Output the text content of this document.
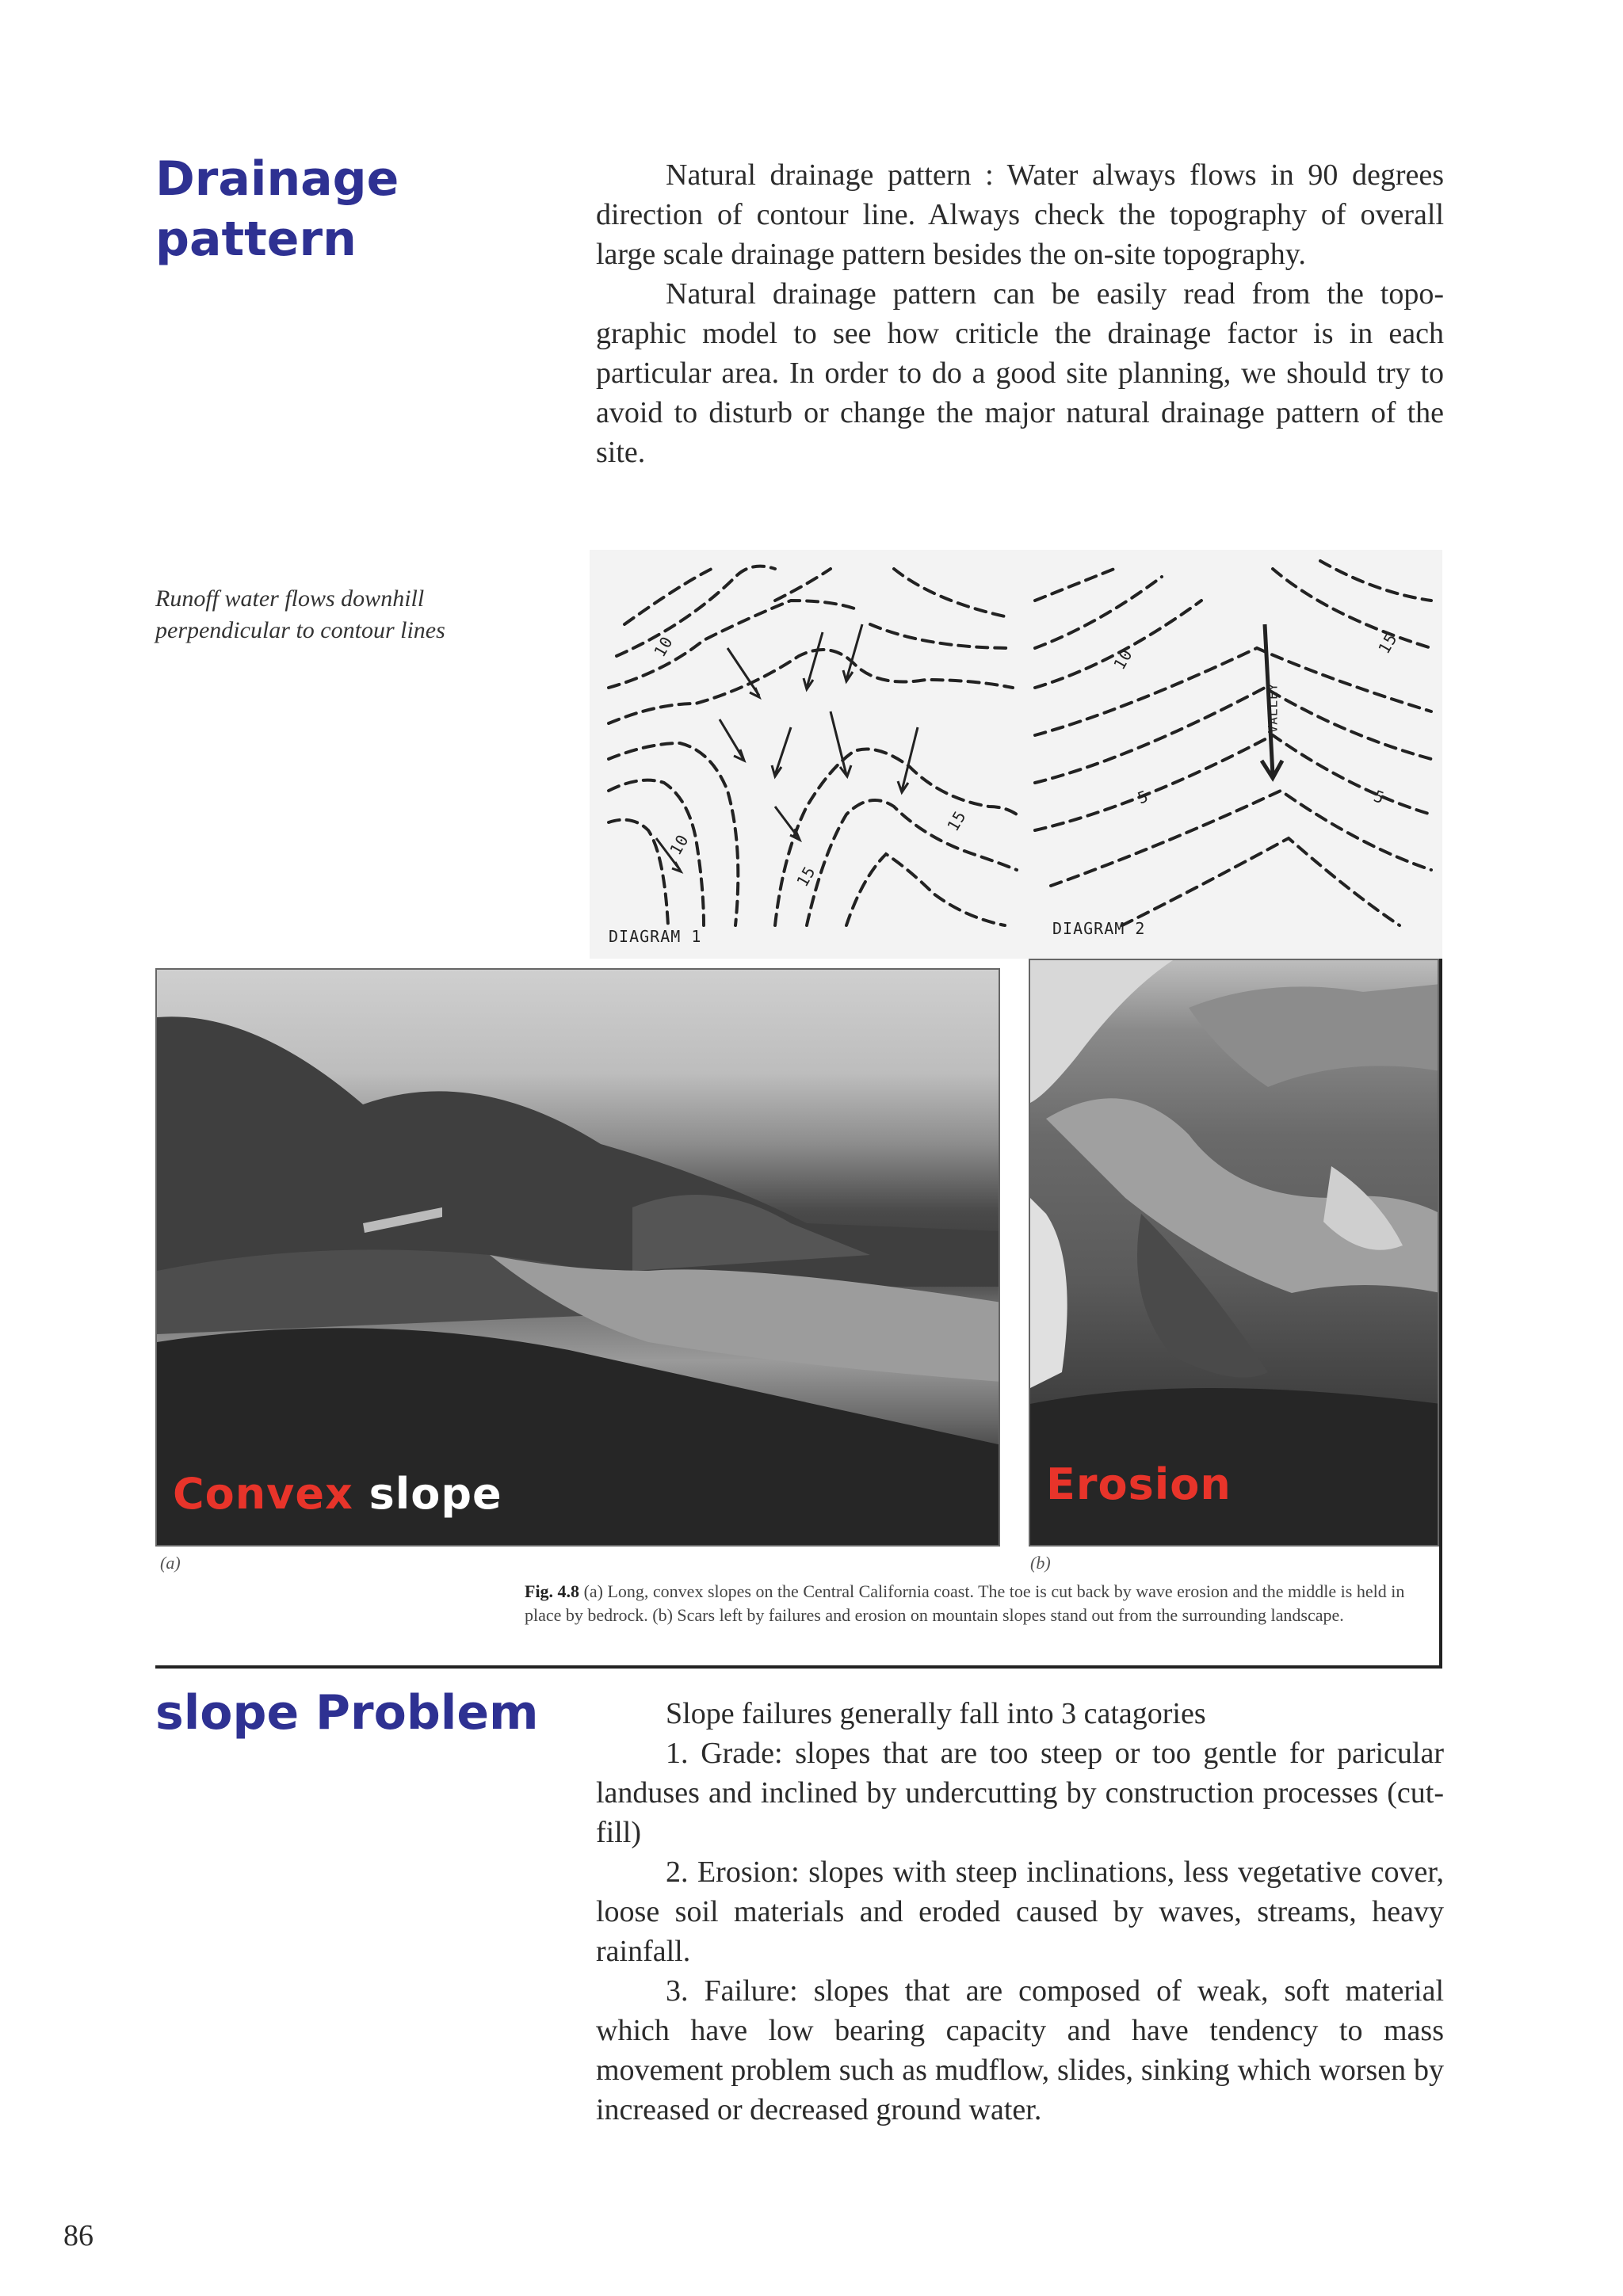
Drainage
pattern

Natural drainage pattern : Water always flows in 90 degrees direction of contour line. Always check the topography of overall large scale drainage pattern besides the on-site topography.

Natural drainage pattern can be easily read from the topo-graphic model to see how criticle the drainage factor is in each particular area. In order to do a good site planning, we should try to avoid to disturb or change the major natural drainage pattern of the site.

Runoff water flows downhill
perpendicular to contour lines
10
15
10
15
DIAGRAM 1
10
15
5	5
VALLEY
DIAGRAM 2
Convex slope
(a)
Erosion
(b)
Fig. 4.8 (a) Long, convex slopes on the Central California coast. The toe is cut back by wave erosion and the middle is held in place by bedrock. (b) Scars left by failures and erosion on mountain slopes stand out from the surrounding landscape.
slope Problem	Slope failures generally fall into 3 catagories

1. Grade: slopes that are too steep or too gentle for paricular landuses and inclined by undercutting by construction processes (cut-fill)

2. Erosion: slopes with steep inclinations, less vegetative cover, loose soil materials and eroded caused by waves, streams, heavy rainfall.

3. Failure: slopes that are composed of weak, soft material which have low bearing capacity and have tendency to mass movement problem such as mudflow, slides, sinking which worsen by increased or decreased ground water.

86
